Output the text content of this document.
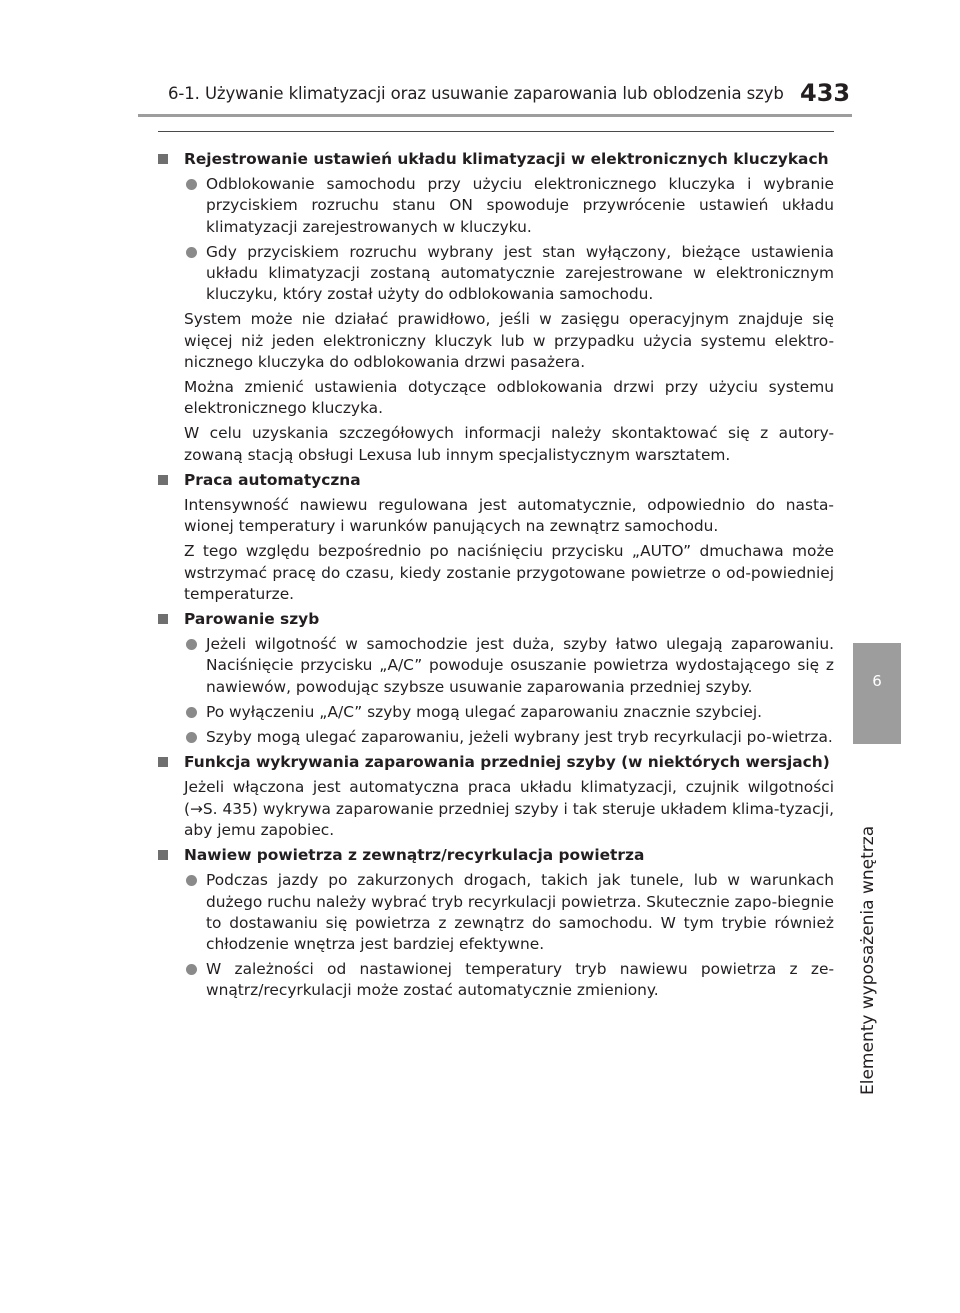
6-1. Używanie klimatyzacji oraz usuwanie zaparowania lub oblodzenia szyb 433
6
Elementy wyposażenia wnętrza
Rejestrowanie ustawień układu klimatyzacji w elektronicznych kluczykach
Odblokowanie samochodu przy użyciu elektronicznego kluczyka i wybranie przyciskiem rozruchu stanu ON spowoduje przywrócenie ustawień układu klimatyzacji zarejestrowanych w kluczyku.
Gdy przyciskiem rozruchu wybrany jest stan wyłączony, bieżące ustawienia układu klimatyzacji zostaną automatycznie zarejestrowane w elektronicznym kluczyku, który został użyty do odblokowania samochodu.
System może nie działać prawidłowo, jeśli w zasięgu operacyjnym znajduje się więcej niż jeden elektroniczny kluczyk lub w przypadku użycia systemu elektro-nicznego kluczyka do odblokowania drzwi pasażera.
Można zmienić ustawienia dotyczące odblokowania drzwi przy użyciu systemu elektronicznego kluczyka.
W celu uzyskania szczegółowych informacji należy skontaktować się z autory-zowaną stacją obsługi Lexusa lub innym specjalistycznym warsztatem.
Praca automatyczna
Intensywność nawiewu regulowana jest automatycznie, odpowiednio do nasta-wionej temperatury i warunków panujących na zewnątrz samochodu.
Z tego względu bezpośrednio po naciśnięciu przycisku „AUTO” dmuchawa może wstrzymać pracę do czasu, kiedy zostanie przygotowane powietrze o od-powiedniej temperaturze.
Parowanie szyb
Jeżeli wilgotność w samochodzie jest duża, szyby łatwo ulegają zaparowaniu. Naciśnięcie przycisku „A/C” powoduje osuszanie powietrza wydostającego się z nawiewów, powodując szybsze usuwanie zaparowania przedniej szyby.
Po wyłączeniu „A/C” szyby mogą ulegać zaparowaniu znacznie szybciej.
Szyby mogą ulegać zaparowaniu, jeżeli wybrany jest tryb recyrkulacji po-wietrza.
Funkcja wykrywania zaparowania przedniej szyby (w niektórych wersjach)
Jeżeli włączona jest automatyczna praca układu klimatyzacji, czujnik wilgotności (→S. 435) wykrywa zaparowanie przedniej szyby i tak steruje układem klima-tyzacji, aby jemu zapobiec.
Nawiew powietrza z zewnątrz/recyrkulacja powietrza
Podczas jazdy po zakurzonych drogach, takich jak tunele, lub w warunkach dużego ruchu należy wybrać tryb recyrkulacji powietrza. Skutecznie zapo-biegnie to dostawaniu się powietrza z zewnątrz do samochodu. W tym trybie również chłodzenie wnętrza jest bardziej efektywne.
W zależności od nastawionej temperatury tryb nawiewu powietrza z ze-wnątrz/recyrkulacji może zostać automatycznie zmieniony.
